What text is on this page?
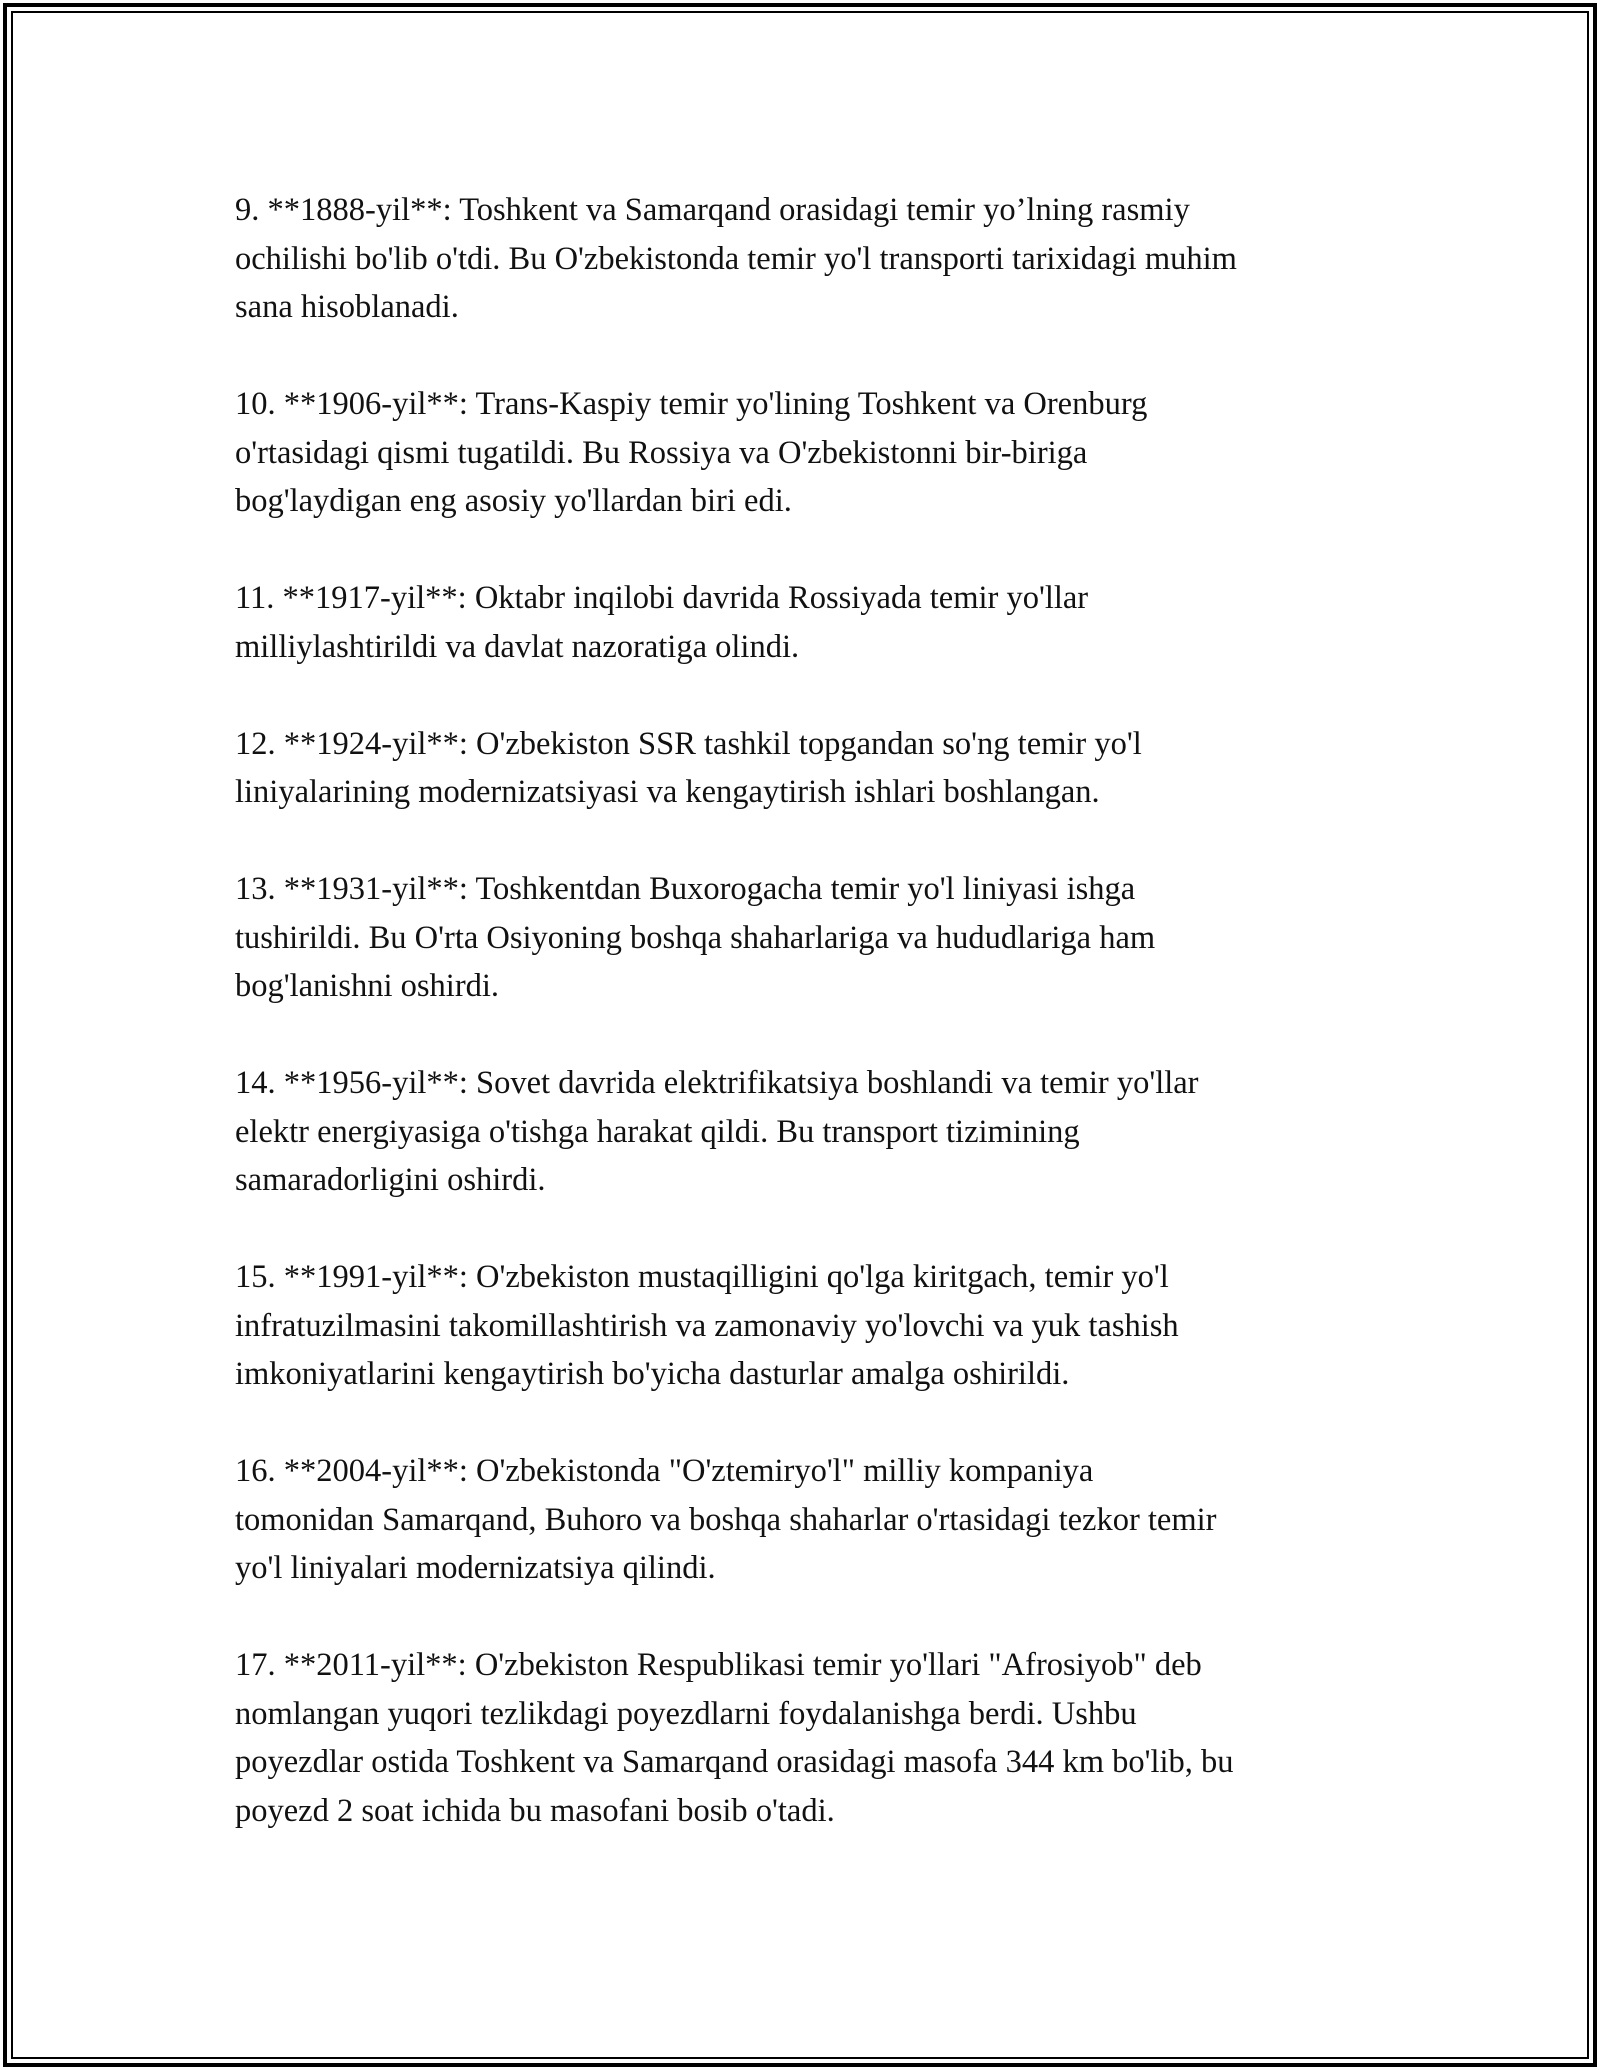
9. **1888-yil**: Toshkent va Samarqand orasidagi temir yo’lning rasmiy
ochilishi bo'lib o'tdi. Bu O'zbekistonda temir yo'l transporti tarixidagi muhim
sana hisoblanadi.

10. **1906-yil**: Trans-Kaspiy temir yo'lining Toshkent va Orenburg
o'rtasidagi qismi tugatildi. Bu Rossiya va O'zbekistonni bir-biriga
bog'laydigan eng asosiy yo'llardan biri edi.

11. **1917-yil**: Oktabr inqilobi davrida Rossiyada temir yo'llar
milliylashtirildi va davlat nazoratiga olindi.

12. **1924-yil**: O'zbekiston SSR tashkil topgandan so'ng temir yo'l
liniyalarining modernizatsiyasi va kengaytirish ishlari boshlangan.

13. **1931-yil**: Toshkentdan Buxorogacha temir yo'l liniyasi ishga
tushirildi. Bu O'rta Osiyoning boshqa shaharlariga va hududlariga ham
bog'lanishni oshirdi.

14. **1956-yil**: Sovet davrida elektrifikatsiya boshlandi va temir yo'llar
elektr energiyasiga o'tishga harakat qildi. Bu transport tizimining
samaradorligini oshirdi.

15. **1991-yil**: O'zbekiston mustaqilligini qo'lga kiritgach, temir yo'l
infratuzilmasini takomillashtirish va zamonaviy yo'lovchi va yuk tashish
imkoniyatlarini kengaytirish bo'yicha dasturlar amalga oshirildi.

16. **2004-yil**: O'zbekistonda "O'ztemiryo'l" milliy kompaniya
tomonidan Samarqand, Buhoro va boshqa shaharlar o'rtasidagi tezkor temir
yo'l liniyalari modernizatsiya qilindi.

17. **2011-yil**: O'zbekiston Respublikasi temir yo'llari "Afrosiyob" deb
nomlangan yuqori tezlikdagi poyezdlarni foydalanishga berdi. Ushbu
poyezdlar ostida Toshkent va Samarqand orasidagi masofa 344 km bo'lib, bu
poyezd 2 soat ichida bu masofani bosib o'tadi.
